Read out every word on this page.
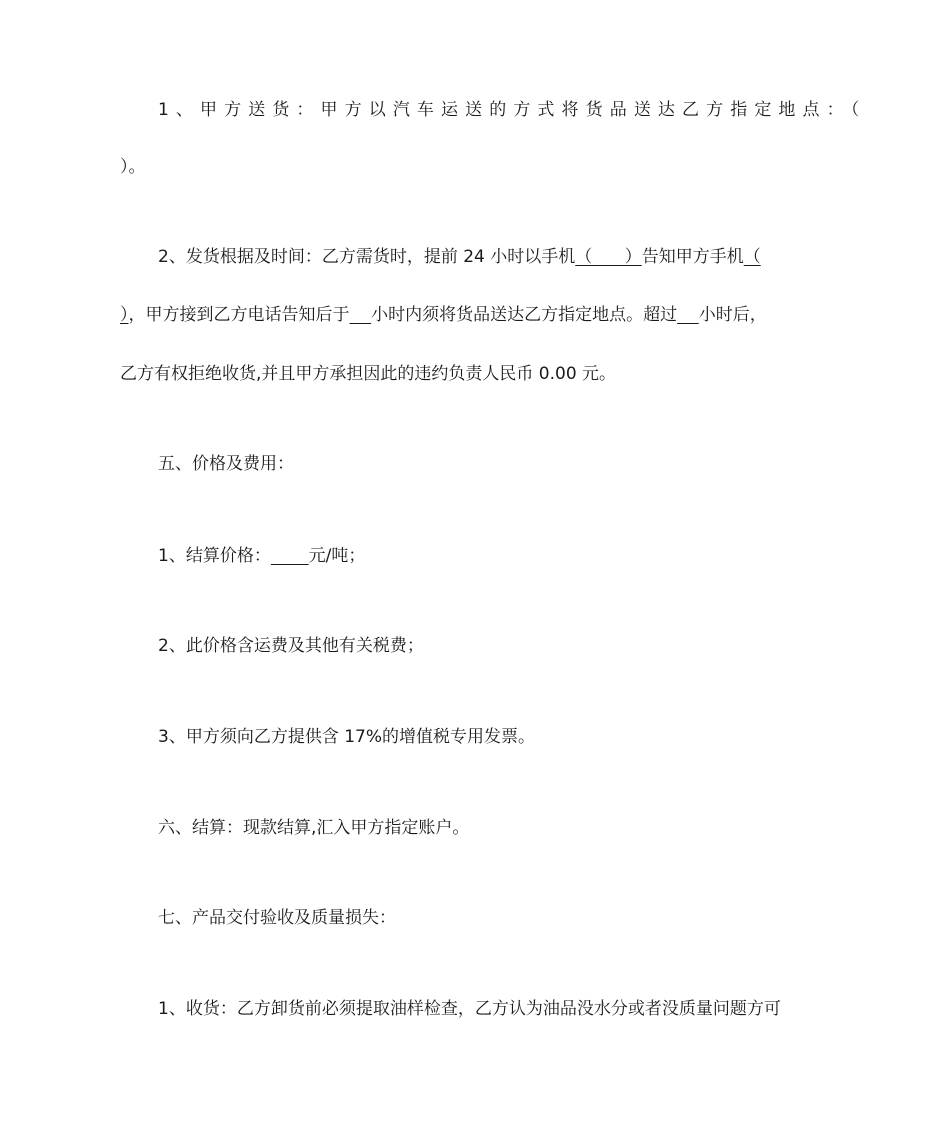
1、甲方送货：甲方以汽车运送的方式将货品送达乙方指定地点：（
）。
2、发货根据及时间：乙方需货时，提前 24 小时以手机（      ）告知甲方手机（
），甲方接到乙方电话告知后于 小时内须将货品送达乙方指定地点。超过 小时后，
乙方有权拒绝收货,并且甲方承担因此的违约负责人民币 0.00 元。
五、价格及费用：
1、结算价格： 元/吨；
2、此价格含运费及其他有关税费；
3、甲方须向乙方提供含 17%的增值税专用发票。
六、结算：现款结算,汇入甲方指定账户。
七、产品交付验收及质量损失：
1、收货：乙方卸货前必须提取油样检查，乙方认为油品没水分或者没质量问题方可
